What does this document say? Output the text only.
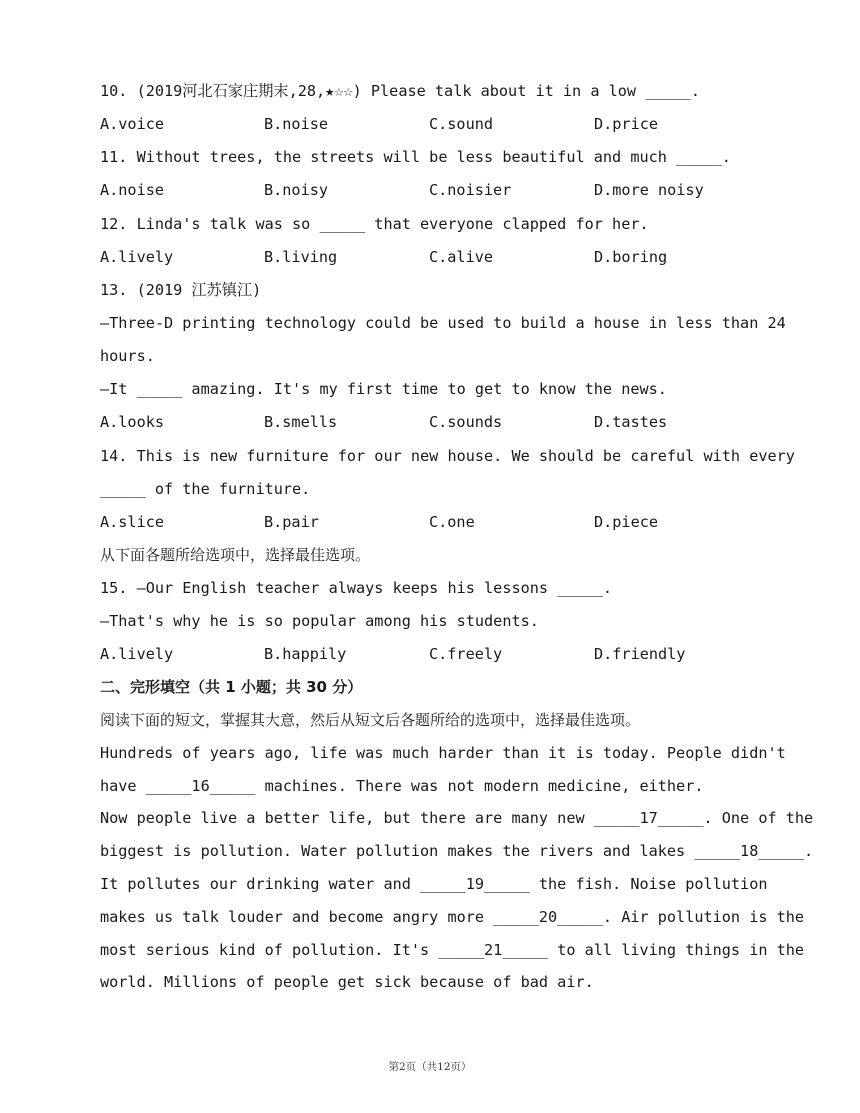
10. (2019河北石家庄期末,28,★☆☆) Please talk about it in a low _____.
A.voice	B.noise	C.sound	D.price
11. Without trees, the streets will be less beautiful and much _____.
A.noise	B.noisy	C.noisier	D.more noisy
12. Linda's talk was so _____ that everyone clapped for her.
A.lively	B.living	C.alive	D.boring
13. (2019 江苏镇江)
—Three-D printing technology could be used to build a house in less than 24
hours.
—It _____ amazing. It's my first time to get to know the news.
A.looks	B.smells	C.sounds	D.tastes
14. This is new furniture for our new house. We should be careful with every
_____ of the furniture.
A.slice	B.pair	C.one	D.piece
从下面各题所给选项中，选择最佳选项。
15. —Our English teacher always keeps his lessons _____.
—That's why he is so popular among his students.
A.lively	B.happily	C.freely	D.friendly
二、完形填空（共 1 小题；共 30 分）
阅读下面的短文，掌握其大意，然后从短文后各题所给的选项中，选择最佳选项。
Hundreds of years ago, life was much harder than it is today. People didn't
have _____16_____ machines. There was not modern medicine, either.
Now people live a better life, but there are many new _____17_____. One of the
biggest is pollution. Water pollution makes the rivers and lakes _____18_____.
It pollutes our drinking water and _____19_____ the fish. Noise pollution
makes us talk louder and become angry more _____20_____. Air pollution is the
most serious kind of pollution. It's _____21_____ to all living things in the
world. Millions of people get sick because of bad air.
第2页（共12页）
